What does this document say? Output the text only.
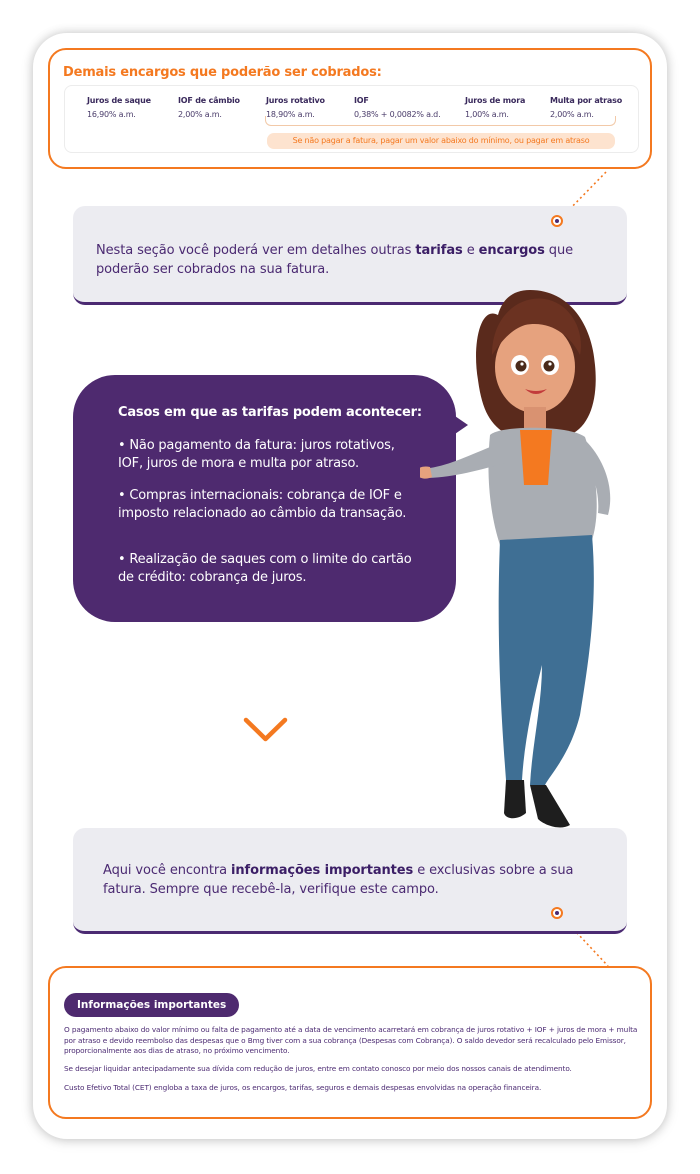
Demais encargos que poderão ser cobrados:
Juros de saque
16,90% a.m.
IOF de câmbio
2,00% a.m.
Juros rotativo
18,90% a.m.
IOF
0,38% + 0,0082% a.d.
Juros de mora
1,00% a.m.
Multa por atraso
2,00% a.m.
Se não pagar a fatura, pagar um valor abaixo do mínimo, ou pagar em atraso
Nesta seção você poderá ver em detalhes outras tarifas e encargos que poderão ser cobrados na sua fatura.
Casos em que as tarifas podem acontecer:
• Não pagamento da fatura: juros rotativos, IOF, juros de mora e multa por atraso.
• Compras internacionais: cobrança de IOF e imposto relacionado ao câmbio da transação.
• Realização de saques com o limite do cartão de crédito: cobrança de juros.
Aqui você encontra informações importantes e exclusivas sobre a sua fatura. Sempre que recebê-la, verifique este campo.
Informações importantes
O pagamento abaixo do valor mínimo ou falta de pagamento até a data de vencimento acarretará em cobrança de juros rotativo + IOF + juros de mora + multa por atraso e devido reembolso das despesas que o Bmg tiver com a sua cobrança (Despesas com Cobrança). O saldo devedor será recalculado pelo Emissor, proporcionalmente aos dias de atraso, no próximo vencimento.
Se desejar liquidar antecipadamente sua dívida com redução de juros, entre em contato conosco por meio dos nossos canais de atendimento.
Custo Efetivo Total (CET) engloba a taxa de juros, os encargos, tarifas, seguros e demais despesas envolvidas na operação financeira.
